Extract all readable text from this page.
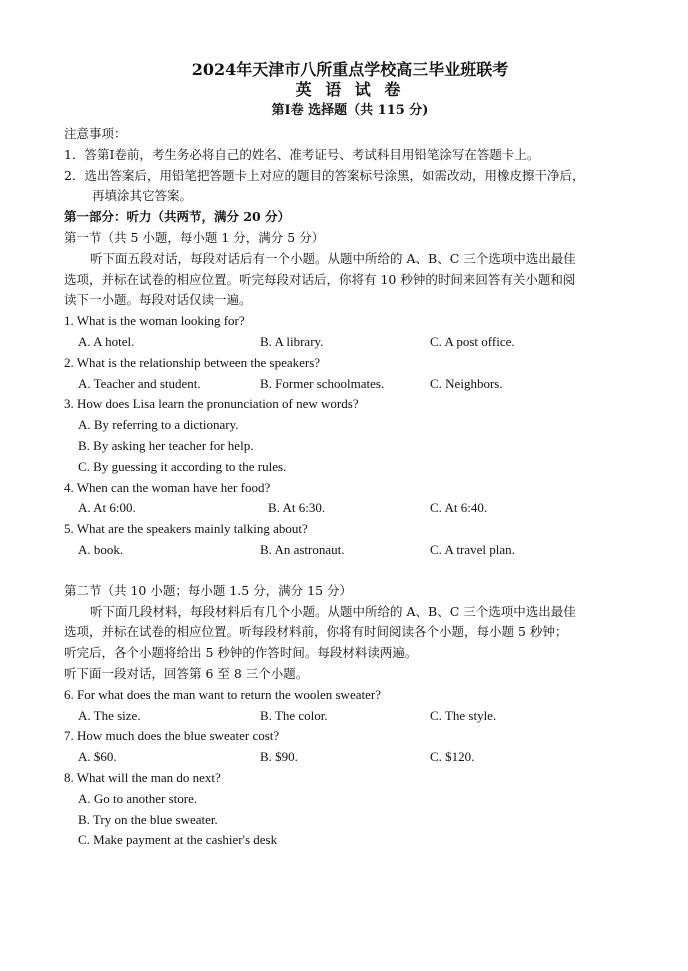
2024年天津市八所重点学校高三毕业班联考

英 语 试 卷

第Ⅰ卷 选择题（共 115 分)

注意事项：

1．答第Ⅰ卷前，考生务必将自己的姓名、准考证号、考试科目用铅笔涂写在答题卡上。

2．选出答案后，用铅笔把答题卡上对应的题目的答案标号涂黑，如需改动，用橡皮擦干净后，

再填涂其它答案。

第一部分：听力（共两节，满分 20 分）

第一节（共 5 小题，每小题 1 分，满分 5 分）

听下面五段对话，每段对话后有一个小题。从题中所给的 A、B、C 三个选项中选出最佳

选项，并标在试卷的相应位置。听完每段对话后，你将有 10 秒钟的时间来回答有关小题和阅

读下一小题。每段对话仅读一遍。

1. What is the woman looking for?

A. A hotel.	B. A library.	C. A post office.

2. What is the relationship between the speakers?

A. Teacher and student.	B. Former schoolmates.	C. Neighbors.

3. How does Lisa learn the pronunciation of new words?

A. By referring to a dictionary.

B. By asking her teacher for help.

C. By guessing it according to the rules.

4. When can the woman have her food?

A. At 6:00.	B. At 6:30.	C. At 6:40.

5. What are the speakers mainly talking about?

A. book.	B. An astronaut.	C. A travel plan.

第二节（共 10 小题；每小题 1.5 分，满分 15 分）

听下面几段材料，每段材料后有几个小题。从题中所给的 A、B、C 三个选项中选出最佳

选项，并标在试卷的相应位置。听每段材料前，你将有时间阅读各个小题，每小题 5 秒钟；

听完后，各个小题将给出 5 秒钟的作答时间。每段材料读两遍。

听下面一段对话，回答第 6 至 8 三个小题。

6. For what does the man want to return the woolen sweater?

A. The size.	B. The color.	C. The style.

7. How much does the blue sweater cost?

A. $60.	B. $90.	C. $120.

8. What will the man do next?

A. Go to another store.

B. Try on the blue sweater.

C. Make payment at the cashier's desk
